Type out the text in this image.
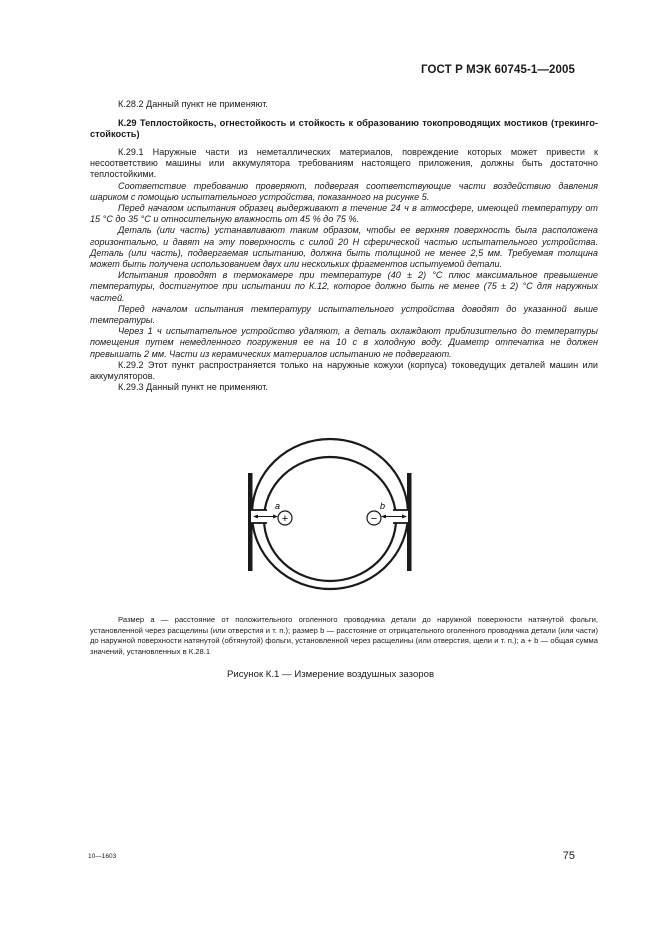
ГОСТ Р МЭК 60745-1—2005

К.28.2 Данный пункт не применяют.

К.29 Теплостойкость, огнестойкость и стойкость к образованию токопроводящих мостиков (трекинго-стойкость)

К.29.1 Наружные части из неметаллических материалов, повреждение которых может привести к несоответствию машины или аккумулятора требованиям настоящего приложения, должны быть достаточно теплостойкими.

Соответствие требованию проверяют, подвергая соответствующие части воздействию давления шариком с помощью испытательного устройства, показанного на рисунке 5.

Перед началом испытания образец выдерживают в течение 24 ч в атмосфере, имеющей температуру от 15 °С до 35 °С и относительную влажность от 45 % до 75 %.

Деталь (или часть) устанавливают таким образом, чтобы ее верхняя поверхность была расположена горизонтально, и давят на эту поверхность с силой 20 Н сферической частью испытательного устройства. Деталь (или часть), подвергаемая испытанию, должна быть толщиной не менее 2,5 мм. Требуемая толщина может быть получена использованием двух или нескольких фрагментов испытуемой детали.

Испытания проводят в термокамере при температуре (40 ± 2) °С плюс максимальное превышение температуры, достигнутое при испытании по К.12, которое должно быть не менее (75 ± 2) °С для наружных частей.

Перед началом испытания температуру испытательного устройства доводят до указанной выше температуры.

Через 1 ч испытательное устройство удаляют, а деталь охлаждают приблизительно до температуры помещения путем немедленного погружения ее на 10 с в холодную воду. Диаметр отпечатка не должен превышать 2 мм. Части из керамических материалов испытанию не подвергают.

К.29.2 Этот пункт распространяется только на наружные кожухи (корпуса) токоведущих деталей машин или аккумуляторов.

К.29.3 Данный пункт не применяют.

a
+
b
−

Размер a — расстояние от положительного оголенного проводника детали до наружной поверхности натянутой фольги, установленной через расщелины (или отверстия и т. п.); размер b — расстояние от отрицательного оголенного проводника детали (или части) до наружной поверхности натянутой (обтянутой) фольги, установленной через расщелины (или отверстия, щели и т. п.); a + b — общая сумма значений, установленных в К.28.1

Рисунок К.1 — Измерение воздушных зазоров
10—1603	75
